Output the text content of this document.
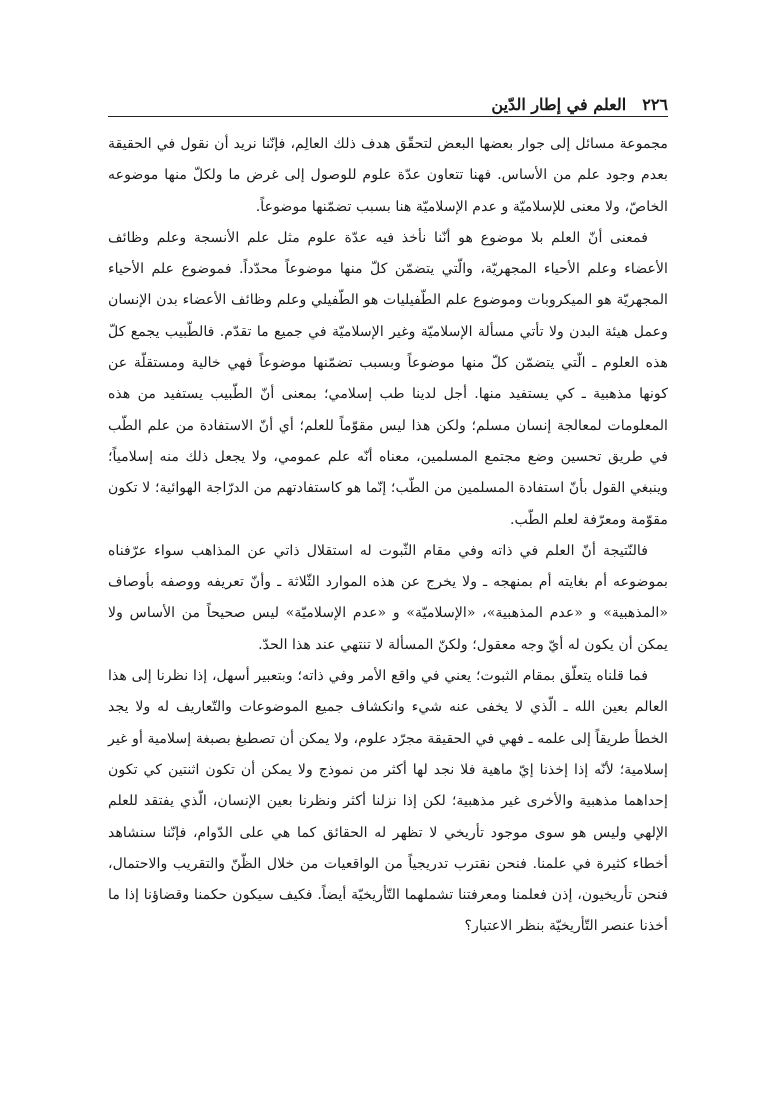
٢٢٦
العلم في إطار الدّين

مجموعة مسائل إلى جوار بعضها البعض لتحقّق هدف ذلك العالِم، فإنّنا نريد أن نقول في الحقيقة بعدم وجود علم من الأساس. فهنا تتعاون عدّة علوم للوصول إلى غرض ما ولكلّ منها موضوعه الخاصّ، ولا معنى للإسلاميّة و عدم الإسلاميّة هنا بسبب تضمّنها موضوعاً.

فمعنى أنّ العلم بلا موضوع هو أنّنا نأخذ فيه عدّة علوم مثل علم الأنسجة وعلم وظائف الأعضاء وعلم الأحياء المجهريّة، والّتي يتضمّن كلّ منها موضوعاً محدّداً. فموضوع علم الأحياء المجهريّة هو الميكروبات وموضوع علم الطّفيليات هو الطّفيلي وعلم وظائف الأعضاء بدن الإنسان وعمل هيئة البدن ولا تأتي مسألة الإسلاميّة وغير الإسلاميّة في جميع ما تقدّم. فالطّبيب يجمع كلّ هذه العلوم ـ الّتي يتضمّن كلّ منها موضوعاً وبسبب تضمّنها موضوعاً فهي خالية ومستقلّة عن كونها مذهبية ـ كي يستفيد منها. أجل لدينا طب إسلامي؛ بمعنى أنّ الطّبيب يستفيد من هذه المعلومات لمعالجة إنسان مسلم؛ ولكن هذا ليس مقوّماً للعلم؛ أي أنّ الاستفادة من علم الطّب في طريق تحسين وضع مجتمع المسلمين، معناه أنّه علم عمومي، ولا يجعل ذلك منه إسلامياً؛ وينبغي القول بأنّ استفادة المسلمين من الطّب؛ إنّما هو كاستفادتهم من الدرّاجة الهوائية؛ لا تكون مقوّمة ومعرّفة لعلم الطّب.

فالنّتيجة أنّ العلم في ذاته وفي مقام الثّبوت له استقلال ذاتي عن المذاهب سواء عرّفناه بموضوعه أم بغايته أم بمنهجه ـ ولا يخرج عن هذه الموارد الثّلاثة ـ وأنّ تعريفه ووصفه بأوصاف «المذهبية» و «عدم المذهبية»، «الإسلاميّة» و «عدم الإسلاميّة» ليس صحيحاً من الأساس ولا يمكن أن يكون له أيّ وجه معقول؛ ولكنّ المسألة لا تنتهي عند هذا الحدّ.

فما قلناه يتعلّق بمقام الثبوت؛ يعني في واقع الأمر وفي ذاته؛ وبتعبير أسهل، إذا نظرنا إلى هذا العالم بعين الله ـ الّذي لا يخفى عنه شيء وانكشاف جميع الموضوعات والتّعاريف له ولا يجد الخطأ طريقاً إلى علمه ـ فهي في الحقيقة مجرّد علوم، ولا يمكن أن تصطبغ بصبغة إسلامية أو غير إسلامية؛ لأنّه إذا إخذنا إيّ ماهية فلا نجد لها أكثر من نموذج ولا يمكن أن تكون اثنتين كي تكون إحداهما مذهبية والأخرى غير مذهبية؛ لكن إذا نزلنا أكثر ونظرنا بعين الإنسان، الّذي يفتقد للعلم الإلهي وليس هو سوى موجود تأريخي لا تظهر له الحقائق كما هي على الدّوام، فإنّنا سنشاهد أخطاء كثيرة في علمنا. فنحن نقترب تدريجياً من الواقعيات من خلال الظّنّ والتقريب والاحتمال، فنحن تأريخيون، إذن فعلمنا ومعرفتنا تشملهما التّأريخيّة أيضاً. فكيف سيكون حكمنا وقضاؤنا إذا ما أخذنا عنصر التّأريخيّة بنظر الاعتبار؟
